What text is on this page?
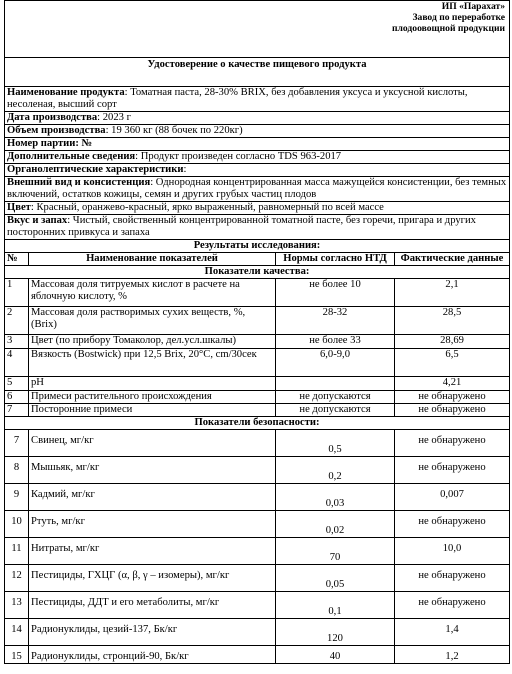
ИП «Парахат»
Завод по переработке
плодоовощной продукции			

Удостоверение о качестве пищевого продукта			
Наименование продукта: Томатная паста, 28-30% BRIX, без добавления уксуса и уксусной кислоты, несоленая, высший сорт			
Дата производства: 2023 г			
Объем производства: 19 360 кг (88 бочек по 220кг)			
Номер партии: №			
Дополнительные сведения: Продукт произведен согласно TDS 963-2017			
Органолептические характеристики:			
Внешний вид и консистенция: Однородная концентрированная масса мажущейся консистенции, без темных включений, остатков кожицы, семян и других грубых частиц плодов			
Цвет: Красный, оранжево-красный, ярко выраженный, равномерный по всей массе			
Вкус и запах: Чистый, свойственный концентрированной томатной пасте, без горечи, пригара и других посторонних привкуса и запаха			
Результаты исследования:			
№	Наименование показателей	Нормы согласно НТД	Фактические данные
Показатели качества:			
1	Массовая доля титруемых кислот в расчете на яблочную кислоту, %	не более 10	2,1
2	Массовая доля растворимых сухих веществ, %, (Brix)	28-32	28,5
3	Цвет (по прибору Томаколор, дел.усл.шкалы)	не более 33	28,69
4	Вязкость (Bostwick) при 12,5 Brix, 20°C, cm/30сек	6,0-9,0	6,5
5	pH		4,21
6	Примеси растительного происхождения	не допускаются	не обнаружено
7	Посторонние примеси	не допускаются	не обнаружено
Показатели безопасности:			
7	Свинец, мг/кг	0,5	не обнаружено
8	Мышьяк, мг/кг	0,2	не обнаружено
9	Кадмий, мг/кг	0,03	0,007
10	Ртуть, мг/кг	0,02	не обнаружено
11	Нитраты, мг/кг	70	10,0
12	Пестициды, ГХЦГ (α, β, γ – изомеры), мг/кг	0,05	не обнаружено
13	Пестициды, ДДТ и его метаболиты, мг/кг	0,1	не обнаружено
14	Радионуклиды, цезий-137, Бк/кг	120	1,4
15	Радионуклиды, стронций-90, Бк/кг	40	1,2
